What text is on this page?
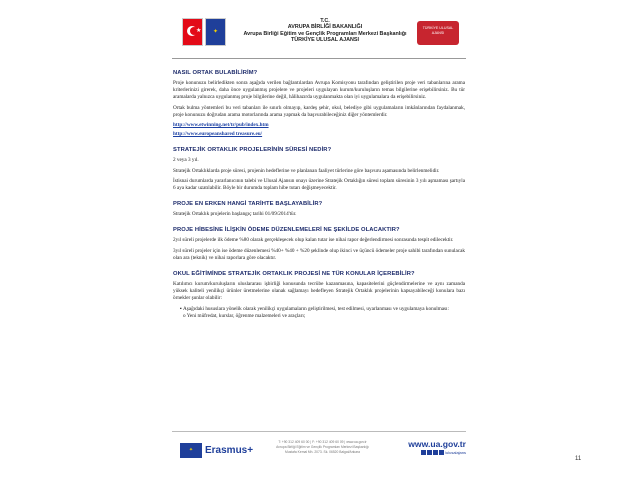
★	✦
T.C.
AVRUPA BİRLİĞİ BAKANLIĞI
Avrupa Birliği Eğitim ve Gençlik Programları Merkezi Başkanlığı
TÜRKİYE ULUSAL AJANSI
TÜRKİYE ULUSAL AJANSI
NASIL ORTAK BULABİLİRİM?

Proje konunuzu belirledikten sonra aşağıda verilen bağlantılardan Avrupa Komisyonu tarafından geliştirilen proje veri tabanlarına arama kriterlerinizi girerek, daha önce uygulanmış projelere ve projeleri uygulayan kurum/kuruluşların temas bilgilerine erişebilirsiniz. Bu tür aramalarda yalnızca uygulanmış proje bilgilerine değil, hâlihazırda uygulanmakta olan iyi uygulamalara da erişebilirsiniz.

Ortak bulma yöntemleri bu veri tabanları ile sınırlı olmayıp, kardeş şehir, okul, belediye gibi uygulamaların imkânlarından faydalanmak, proje konunuzu doğrudan arama motorlarında arama yapmak da başvurabileceğiniz diğer yöntemlerdir.

http://www.etwinning.net/tr/pub/index.htm
http://www.europeanshared treasure.eu/
STRATEJİK ORTAKLIK PROJELERİNİN SÜRESİ NEDİR?

2 veya 3 yıl.

Stratejik Ortaklıklarda proje süresi, projenin hedeflerine ve planlanan faaliyet türlerine göre başvuru aşamasında belirlenmelidir.

İstisnai durumlarda yararlanıcının talebi ve Ulusal Ajansın onayı üzerine Stratejik Ortaklığın süresi toplam süresinin 3 yılı aşmaması şartıyla 6 aya kadar uzatılabilir. Böyle bir durumda toplam hibe tutarı değişmeyecektir.

PROJE EN ERKEN HANGİ TARİHTE BAŞLAYABİLİR?

Stratejik Ortaklık projelerin başlangıç tarihi 01/09/2014'tür.

PROJE HİBESİNE İLİŞKİN ÖDEME DÜZENLEMELERİ NE ŞEKİLDE OLACAKTIR?

2yıl süreli projelerde ilk ödeme %80 olarak gerçekleşecek olup kalan tutar ise nihai rapor değerlendirmesi sonrasında tespit edilecektir.

3yıl süreli projeler için ise ödeme düzenlemesi %40+ %40 + %20 şeklinde olup ikinci ve üçüncü ödemeler proje sahibi tarafından sunulacak olan ara (teknik) ve nihai raporlara göre olacaktır.

OKUL EĞİTİMİNDE STRATEJİK ORTAKLIK PROJESİ NE TÜR KONULAR İÇEREBİLİR?

Katılımcı kurum/kuruluşların uluslararası işbirliği konusunda tecrübe kazanmasına, kapasitelerini güçlendirmelerine ve aynı zamanda yüksek kaliteli yenilikçi ürünler üretmelerine olanak sağlamayı hedefleyen Stratejik Ortaklık projelerinin kapsayabileceği konulara bazı örnekler şunlar olabilir:

• Aşağıdaki hususlara yönelik olarak yenilikçi uygulamaların geliştirilmesi, test edilmesi, uyarlanması ve uygulamaya konulması:
o Yeni müfredat, kurslar, öğrenme malzemeleri ve araçları;
✦	Erasmus+
T: +90 312 409 60 00 | F: +90 312 409 60 09 | www.ua.gov.tr
Avrupa Birliği Eğitim ve Gençlik Programları Merkezi Başkanlığı
Mustafa Kemal Mh. 2073. Sk. 06520 Balgat/Ankara
www.ua.gov.tr
/ulusalajans
11
